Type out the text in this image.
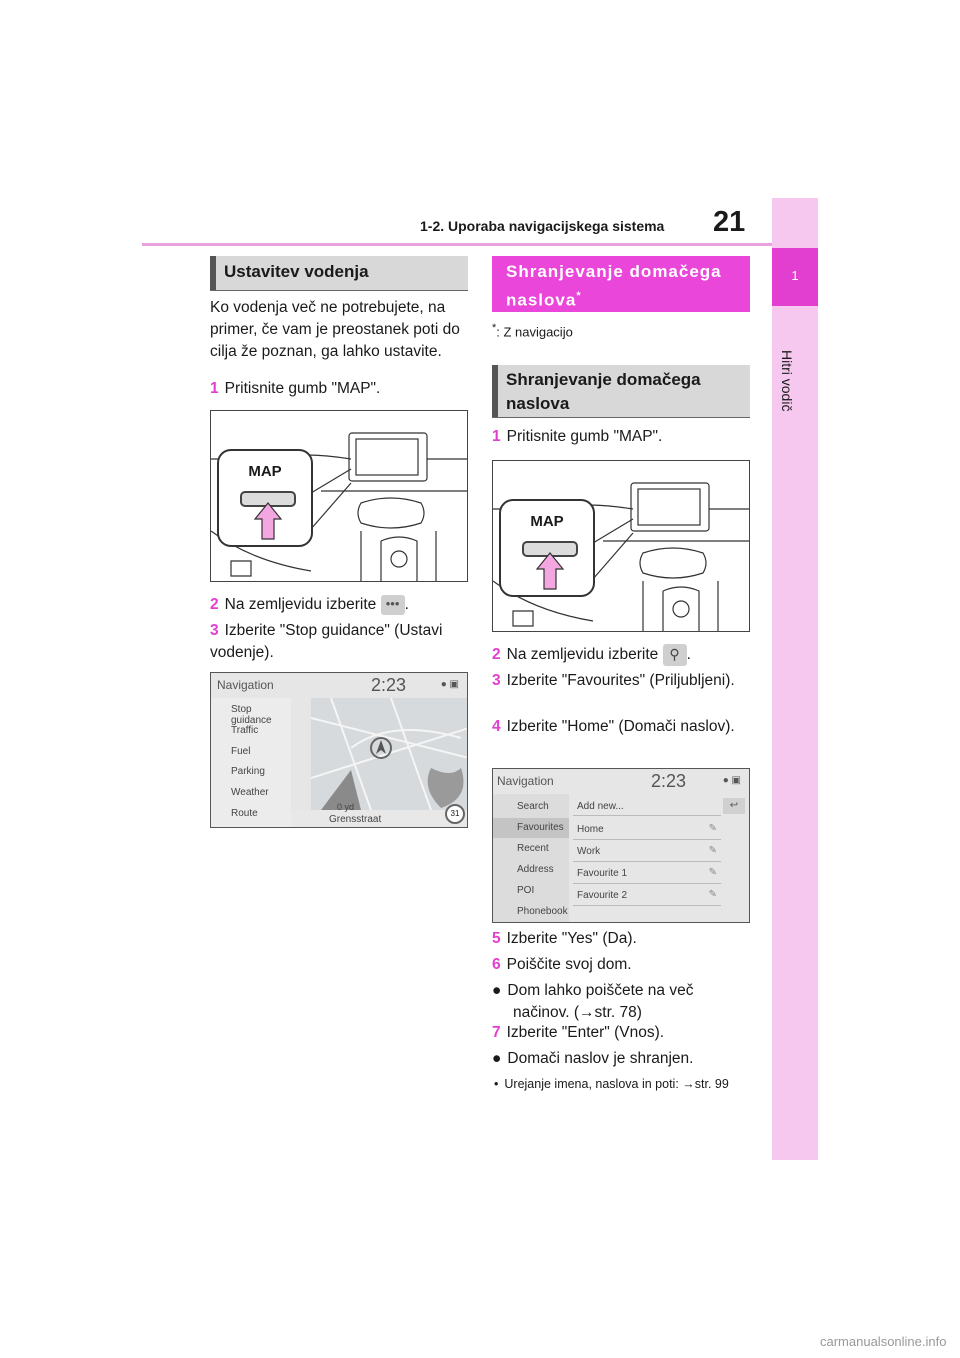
1-2. Uporaba navigacijskega sistema 21
1
Hitri vodič
Ustavitev vodenja

Ko vodenja več ne potrebujete, na primer, če vam je preostanek poti do cilja že poznan, ga lahko ustavite.

1 Pritisnite gumb "MAP".
MAP
2 Na zemljevidu izberite ••• .
3 Izberite "Stop guidance" (Ustavi vodenje).
Navigation	2:23	● ▣
Stop guidance
Traffic
Fuel
Parking
Weather
Route
0 yd
Grensstraat
31
Shranjevanje domačega
naslova*
*: Z navigacijo
Shranjevanje domačega
naslova
1 Pritisnite gumb "MAP".
MAP
2 Na zemljevidu izberite ⚲ .
3 Izberite "Favourites" (Priljubljeni).
4 Izberite "Home" (Domači naslov).
Navigation	2:23	● ▣
Search
Favourites
Recent
Address
POI
Phonebook
Add new...	↩
Home	✎
Work	✎
Favourite 1	✎
Favourite 2	✎
5 Izberite "Yes" (Da).
6 Poiščite svoj dom.
● Dom lahko poiščete na več načinov. (→str. 78)
7 Izberite "Enter" (Vnos).
● Domači naslov je shranjen.
• Urejanje imena, naslova in poti: →str. 99
carmanualsonline.info
